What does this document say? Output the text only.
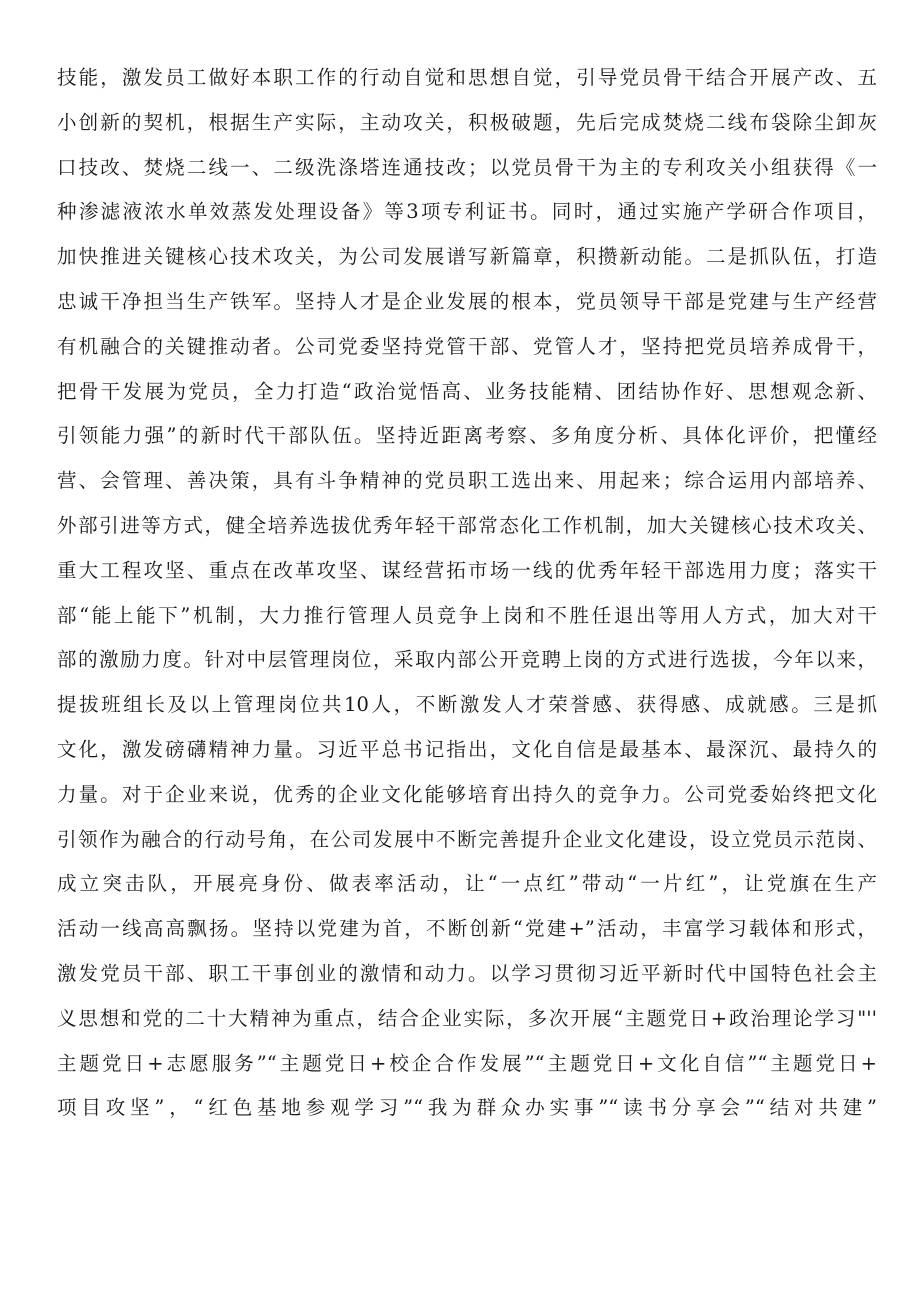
技能，激发员工做好本职工作的行动自觉和思想自觉，引导党员骨干结合开展产改、五
小创新的契机，根据生产实际，主动攻关，积极破题，先后完成焚烧二线布袋除尘卸灰
口技改、焚烧二线一、二级洗涤塔连通技改；以党员骨干为主的专利攻关小组获得《一
种渗滤液浓水单效蒸发处理设备》等3项专利证书。同时，通过实施产学研合作项目，
加快推进关键核心技术攻关，为公司发展谱写新篇章，积攒新动能。二是抓队伍，打造
忠诚干净担当生产铁军。坚持人才是企业发展的根本，党员领导干部是党建与生产经营
有机融合的关键推动者。公司党委坚持党管干部、党管人才，坚持把党员培养成骨干，
把骨干发展为党员，全力打造“政治觉悟高、业务技能精、团结协作好、思想观念新、
引领能力强”的新时代干部队伍。坚持近距离考察、多角度分析、具体化评价，把懂经
营、会管理、善决策，具有斗争精神的党员职工选出来、用起来；综合运用内部培养、
外部引进等方式，健全培养选拔优秀年轻干部常态化工作机制，加大关键核心技术攻关、
重大工程攻坚、重点在改革攻坚、谋经营拓市场一线的优秀年轻干部选用力度；落实干
部“能上能下”机制，大力推行管理人员竞争上岗和不胜任退出等用人方式，加大对干
部的激励力度。针对中层管理岗位，采取内部公开竞聘上岗的方式进行选拔，今年以来，
提拔班组长及以上管理岗位共10人，不断激发人才荣誉感、获得感、成就感。三是抓
文化，激发磅礴精神力量。习近平总书记指出，文化自信是最基本、最深沉、最持久的
力量。对于企业来说，优秀的企业文化能够培育出持久的竞争力。公司党委始终把文化
引领作为融合的行动号角，在公司发展中不断完善提升企业文化建设，设立党员示范岗、
成立突击队，开展亮身份、做表率活动，让“一点红”带动“一片红”，让党旗在生产
活动一线高高飘扬。坚持以党建为首，不断创新“党建+”活动，丰富学习载体和形式，
激发党员干部、职工干事创业的激情和动力。以学习贯彻习近平新时代中国特色社会主
义思想和党的二十大精神为重点，结合企业实际，多次开展“主题党日+政治理论学习"''
主题党日+志愿服务”“主题党日+校企合作发展”“主题党日+文化自信”“主题党日+
项目攻坚”，“红色基地参观学习”“我为群众办实事”“读书分享会”“结对共建”
